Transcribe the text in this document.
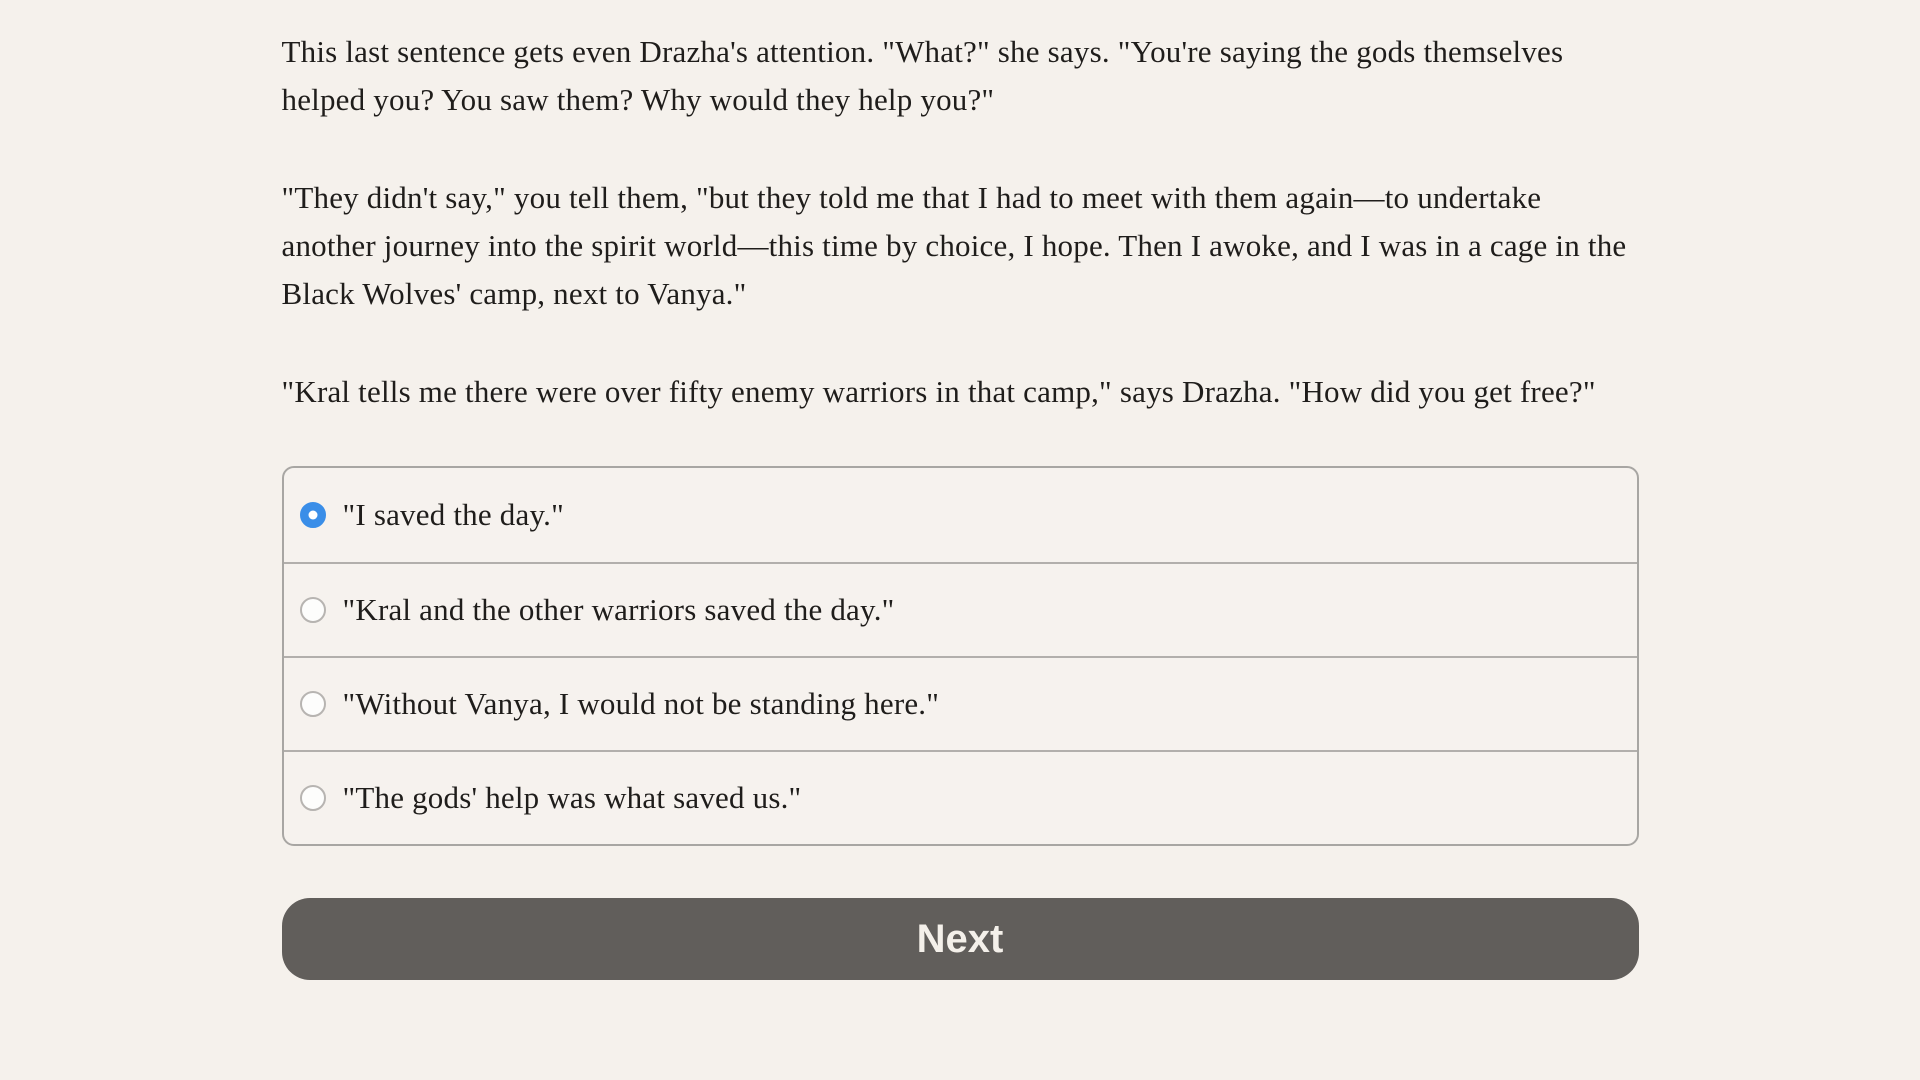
This last sentence gets even Drazha's attention. "What?" she says. "You're saying the gods themselves helped you? You saw them? Why would they help you?"

"They didn't say," you tell them, "but they told me that I had to meet with them again—to undertake another journey into the spirit world—this time by choice, I hope. Then I awoke, and I was in a cage in the Black Wolves' camp, next to Vanya."

"Kral tells me there were over fifty enemy warriors in that camp," says Drazha. "How did you get free?"

"I saved the day."
"Kral and the other warriors saved the day."
"Without Vanya, I would not be standing here."
"The gods' help was what saved us."
Next
